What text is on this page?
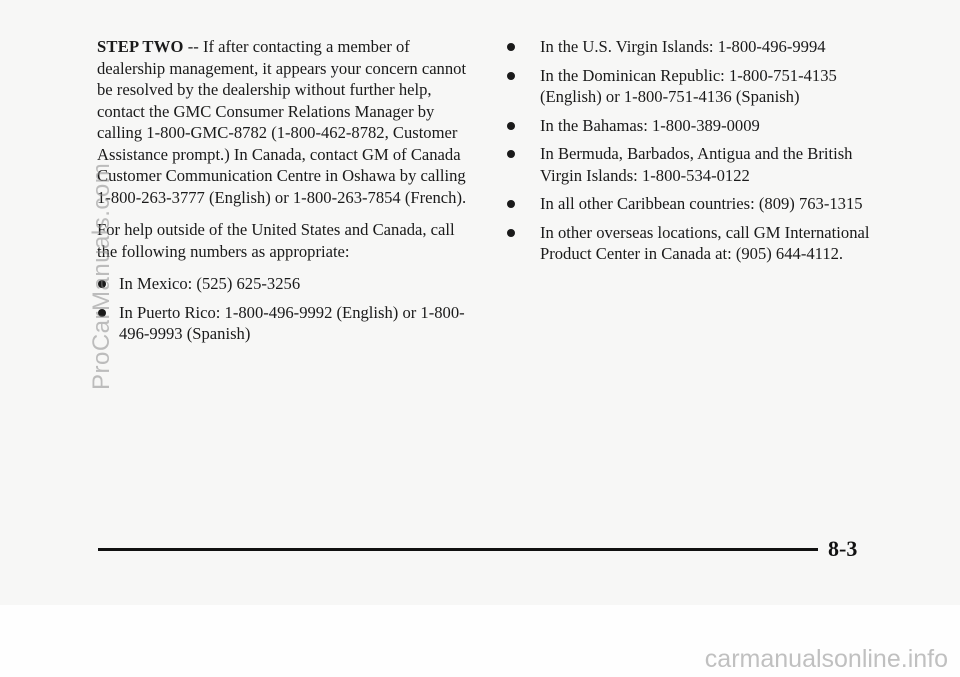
STEP TWO -- If after contacting a member of dealership management, it appears your concern cannot be resolved by the dealership without further help, contact the GMC Consumer Relations Manager by calling 1-800-GMC-8782 (1-800-462-8782, Customer Assistance prompt.) In Canada, contact GM of Canada Customer Communication Centre in Oshawa by calling 1-800-263-3777 (English) or 1-800-263-7854 (French).

For help outside of the United States and Canada, call the following numbers as appropriate:

In Mexico: (525) 625-3256
In Puerto Rico: 1-800-496-9992 (English) or 1-800-496-9993 (Spanish)
In the U.S. Virgin Islands: 1-800-496-9994
In the Dominican Republic: 1-800-751-4135 (English) or 1-800-751-4136 (Spanish)
In the Bahamas: 1-800-389-0009
In Bermuda, Barbados, Antigua and the British Virgin Islands: 1-800-534-0122
In all other Caribbean countries: (809) 763-1315
In other overseas locations, call GM International Product Center in Canada at: (905) 644-4112.
8-3
ProCarManuals.com
carmanualsonline.info
